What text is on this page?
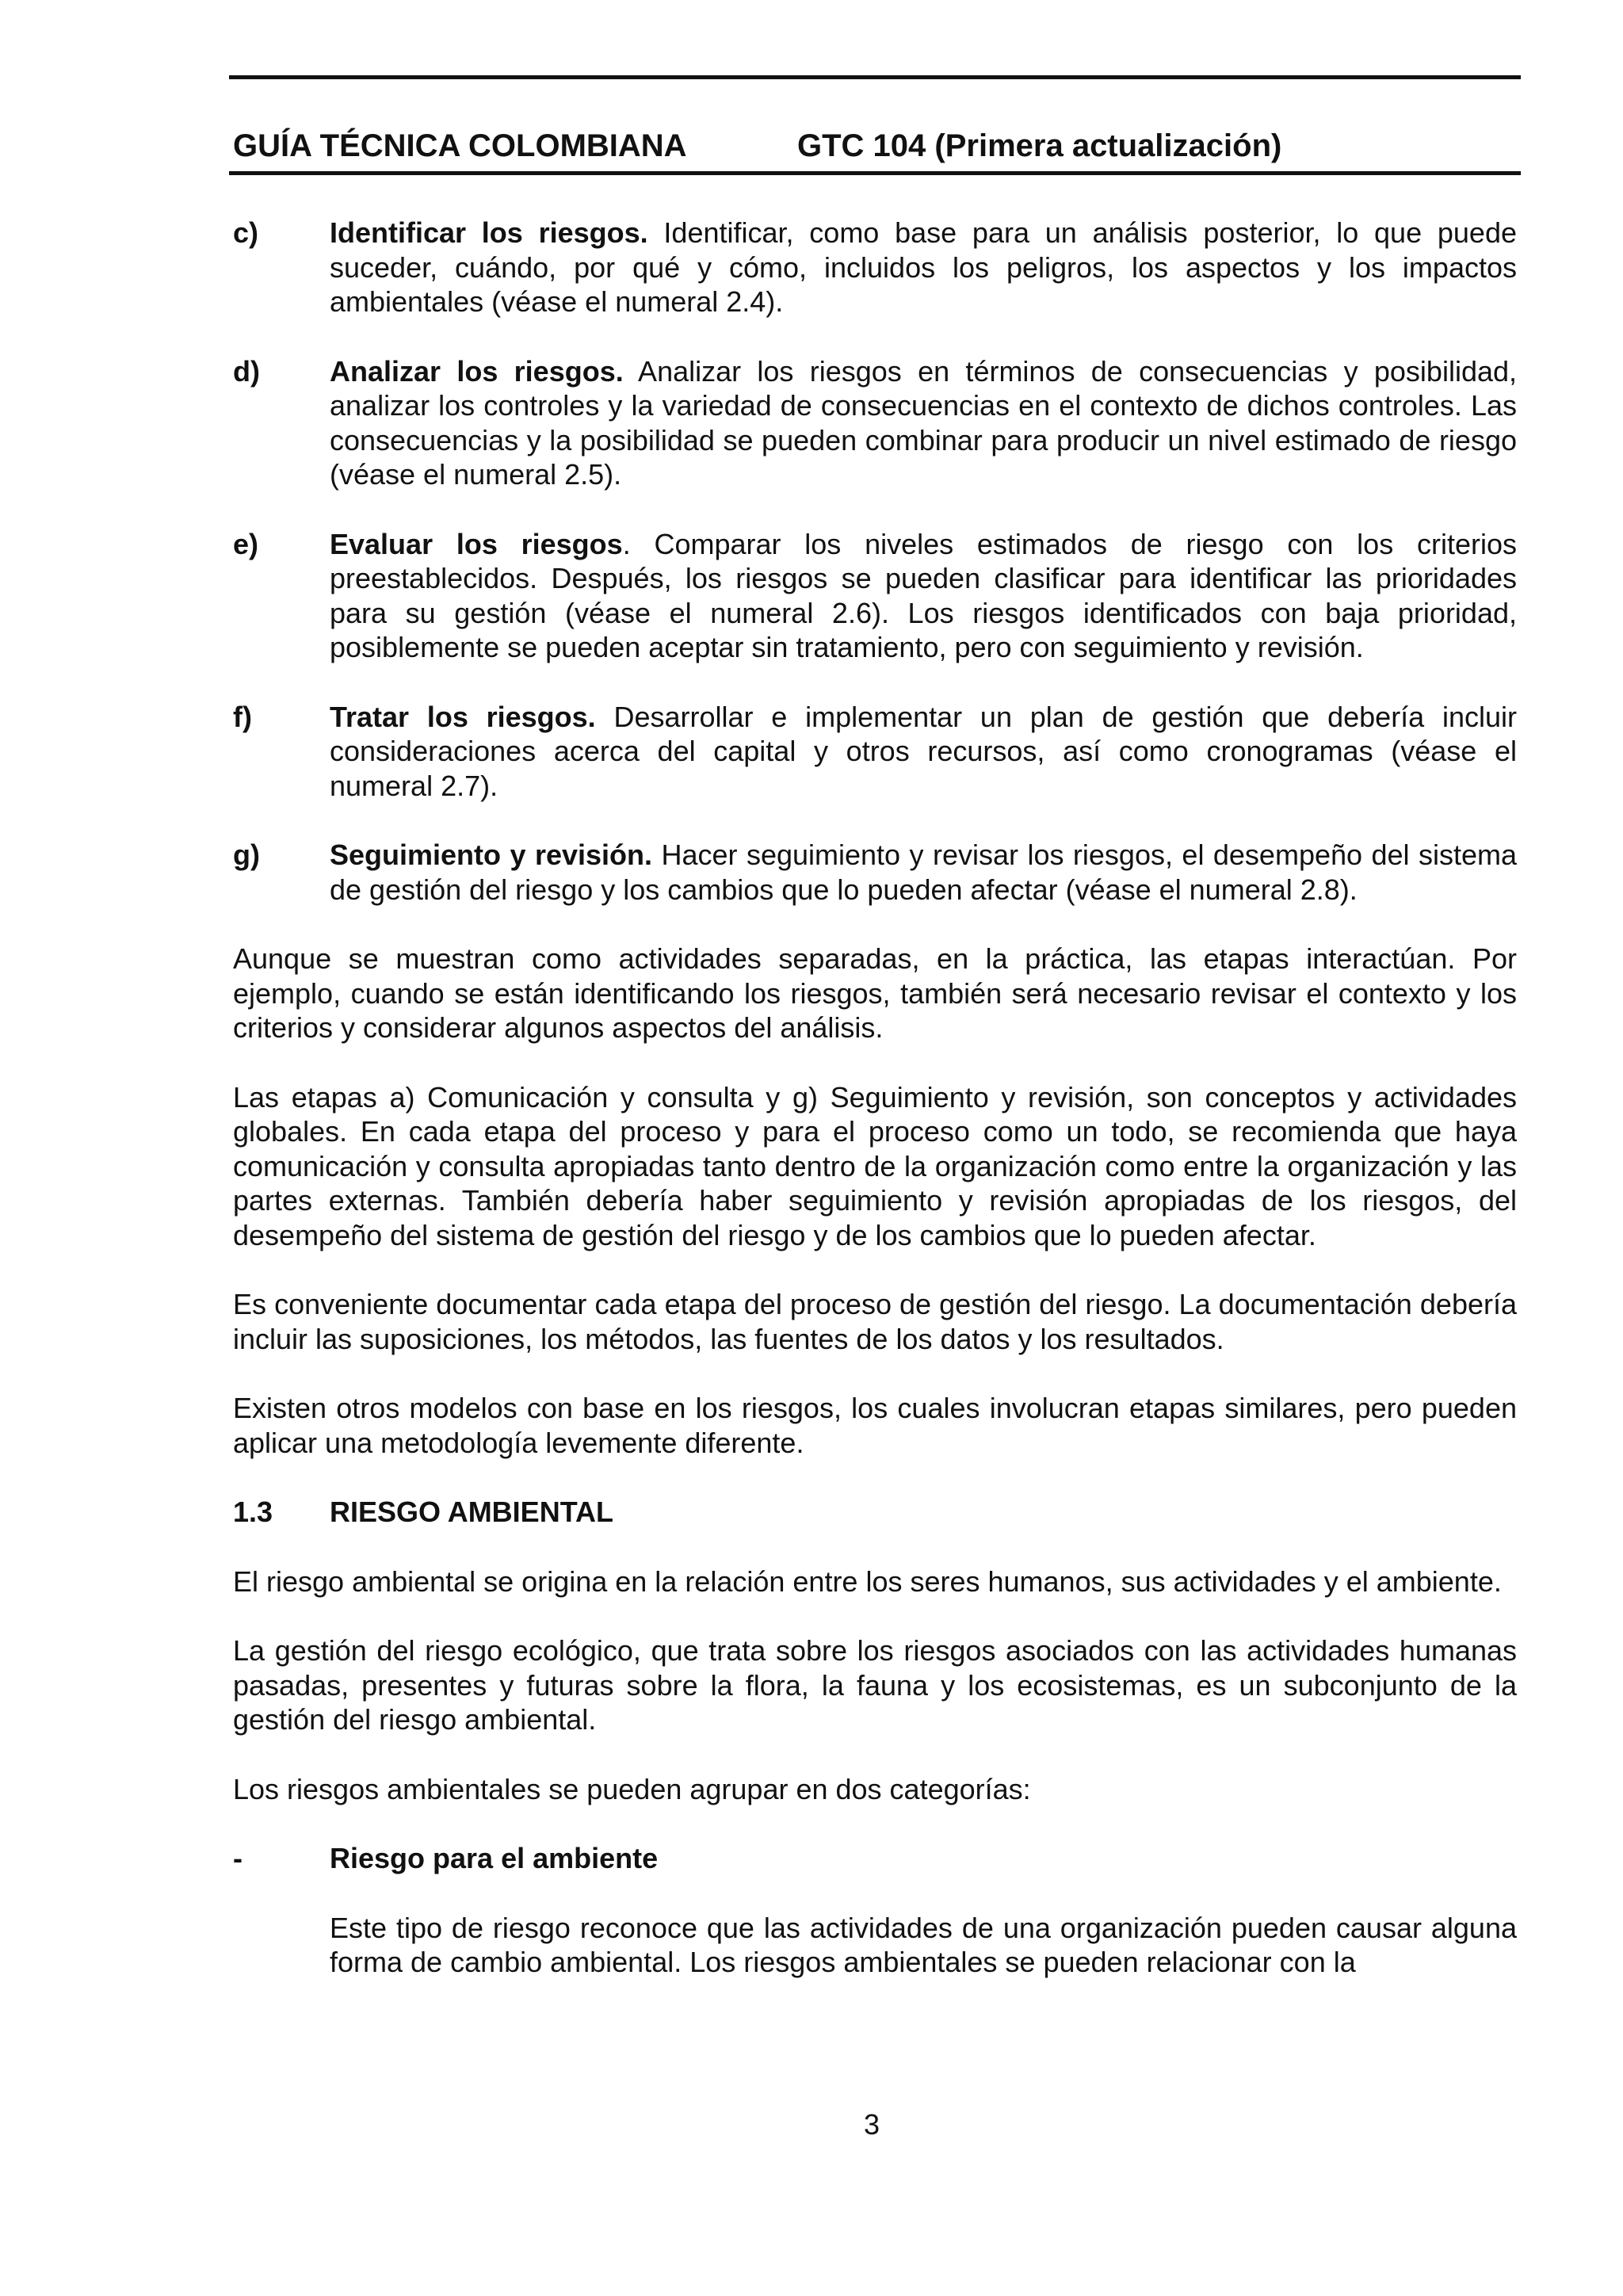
GUÍA TÉCNICA COLOMBIANA	GTC 104 (Primera actualización)
c) Identificar los riesgos. Identificar, como base para un análisis posterior, lo que puede suceder, cuándo, por qué y cómo, incluidos los peligros, los aspectos y los impactos ambientales (véase el numeral 2.4).
d) Analizar los riesgos. Analizar los riesgos en términos de consecuencias y posibilidad, analizar los controles y la variedad de consecuencias en el contexto de dichos controles. Las consecuencias y la posibilidad se pueden combinar para producir un nivel estimado de riesgo (véase el numeral 2.5).
e) Evaluar los riesgos. Comparar los niveles estimados de riesgo con los criterios preestablecidos. Después, los riesgos se pueden clasificar para identificar las prioridades para su gestión (véase el numeral 2.6). Los riesgos identificados con baja prioridad, posiblemente se pueden aceptar sin tratamiento, pero con seguimiento y revisión.
f)	Tratar los riesgos. Desarrollar e implementar un plan de gestión que debería incluir consideraciones acerca del capital y otros recursos, así como cronogramas (véase el numeral 2.7).
g) Seguimiento y revisión. Hacer seguimiento y revisar los riesgos, el desempeño del sistema de gestión del riesgo y los cambios que lo pueden afectar (véase el numeral 2.8).

Aunque se muestran como actividades separadas, en la práctica, las etapas interactúan. Por ejemplo, cuando se están identificando los riesgos, también será necesario revisar el contexto y los criterios y considerar algunos aspectos del análisis.

Las etapas a) Comunicación y consulta y g) Seguimiento y revisión, son conceptos y actividades globales. En cada etapa del proceso y para el proceso como un todo, se recomienda que haya comunicación y consulta apropiadas tanto dentro de la organización como entre la organización y las partes externas. También debería haber seguimiento y revisión apropiadas de los riesgos, del desempeño del sistema de gestión del riesgo y de los cambios que lo pueden afectar.

Es conveniente documentar cada etapa del proceso de gestión del riesgo. La documentación debería incluir las suposiciones, los métodos, las fuentes de los datos y los resultados.

Existen otros modelos con base en los riesgos, los cuales involucran etapas similares, pero pueden aplicar una metodología levemente diferente.

1.3 RIESGO AMBIENTAL

El riesgo ambiental se origina en la relación entre los seres humanos, sus actividades y el ambiente.

La gestión del riesgo ecológico, que trata sobre los riesgos asociados con las actividades humanas pasadas, presentes y futuras sobre la flora, la fauna y los ecosistemas, es un subconjunto de la gestión del riesgo ambiental.

Los riesgos ambientales se pueden agrupar en dos categorías:

-	Riesgo para el ambiente

Este tipo de riesgo reconoce que las actividades de una organización pueden causar alguna forma de cambio ambiental. Los riesgos ambientales se pueden relacionar con la

3
